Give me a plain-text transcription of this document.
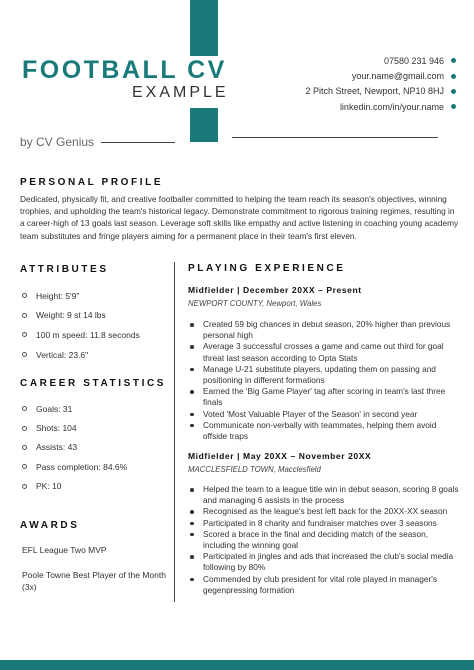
FOOTBALL CV
EXAMPLE
by CV Genius
07580 231 946
your.name@gmail.com
2 Pitch Street, Newport, NP10 8HJ
linkedin.com/in/your.name
PERSONAL PROFILE
Dedicated, physically fit, and creative footballer committed to helping the team reach its season's objectives, winning trophies, and upholding the team's historical legacy. Demonstrate commitment to rigorous training regimes, resulting in a career-high of 13 goals last season. Leverage soft skills like empathy and active listening in coaching young academy team substitutes and fringe players aiming for a permanent place in their team's first eleven.
ATTRIBUTES
Height: 5'9"
Weight: 9 st 14 lbs
100 m speed: 11.8 seconds
Vertical: 23.6"
CAREER STATISTICS
Goals: 31
Shots: 104
Assists: 43
Pass completion: 84.6%
PK: 10
AWARDS
EFL League Two MVP
Poole Towne Best Player of the Month (3x)
PLAYING EXPERIENCE
Midfielder | December 20XX – Present
NEWPORT COUNTY, Newport, Wales
Created 59 big chances in debut season, 20% higher than previous personal high
Average 3 successful crosses a game and came out third for goal threat last season according to Opta Stats
Manage U-21 substitute players, updating them on passing and positioning in different formations
Earned the 'Big Game Player' tag after scoring in team's last three finals
Voted 'Most Valuable Player of the Season' in second year
Communicate non-verbally with teammates, helping them avoid offside traps
Midfielder | May 20XX – November 20XX
MACCLESFIELD TOWN, Macclesfield
Helped the team to a league title win in debut season, scoring 8 goals and managing 6 assists in the process
Recognised as the league's best left back for the 20XX-XX season
Participated in 8 charity and fundraiser matches over 3 seasons
Scored a brace in the final and deciding match of the season, including the winning goal
Participated in jingles and ads that increased the club's social media following by 80%
Commended by club president for vital role played in manager's gegenpressing formation
